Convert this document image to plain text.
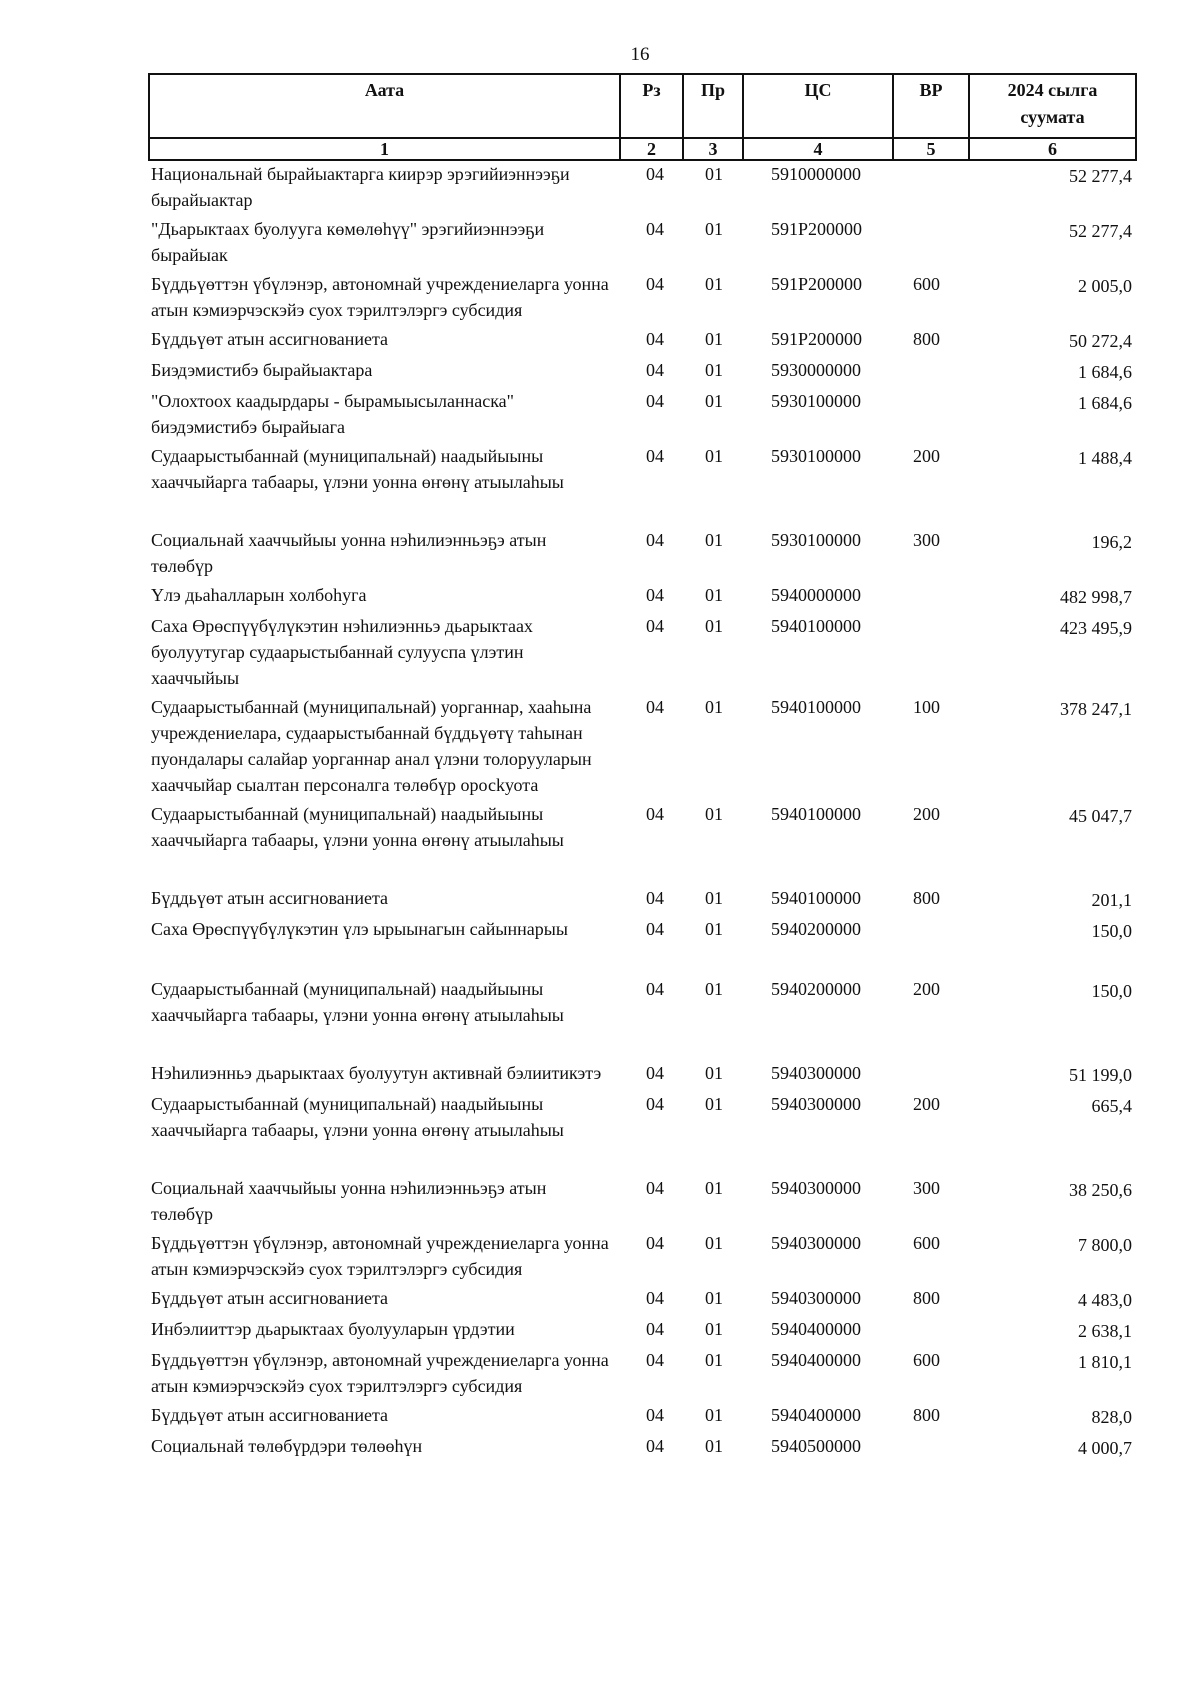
16
Аата	Рз	Пр	ЦС	ВР	2024 сылга
суумата
1	2	3	4	5	6
Национальнай бырайыактарга киирэр эрэгийиэннээҕи бырайыактар	04	01	5910000000		52 277,4
"Дьарыктаах буолууга көмөлөһүү" эрэгийиэннээҕи бырайыак	04	01	591P200000		52 277,4
Бүддьүөттэн үбүлэнэр, автономнай учреждениеларга уонна атын кэмиэрчэскэйэ суох тэрилтэлэргэ субсидия	04	01	591P200000	600	2 005,0
Бүддьүөт атын ассигнованиета	04	01	591P200000	800	50 272,4
Биэдэмистибэ бырайыактара	04	01	5930000000		1 684,6
"Олохтоох кaадырдары - бырамыысыланнаска" биэдэмистибэ бырайыага	04	01	5930100000		1 684,6
Судаарыстыбаннай (муниципальнай) наадыйыыны хааччыйарга табаары, үлэни уонна өҥөнү атыылаһыы	04	01	5930100000	200	1 488,4

Социальнай хааччыйыы уонна нэһилиэнньэҕэ атын төлөбүр	04	01	5930100000	300	196,2
Үлэ дьаһалларын холбоһуга	04	01	5940000000		482 998,7
Саха Өрөспүүбүлүкэтин нэһилиэнньэ дьарыктаах буолуутугар судаарыстыбаннай сулууспа үлэтин хааччыйыы	04	01	5940100000		423 495,9
Судаарыстыбаннай (муниципальнай) уорганнар, хааһына учреждениелара, судаарыстыбаннай бүддьүөтү таһынан пуондалары салайар уорганнар анал үлэни толорууларын хааччыйар сыалтан персоналга төлөбүр оросkуота	04	01	5940100000	100	378 247,1
Судаарыстыбаннай (муниципальнай) наадыйыыны хааччыйарга табаары, үлэни уонна өҥөнү атыылаһыы	04	01	5940100000	200	45 047,7

Бүддьүөт атын ассигнованиета	04	01	5940100000	800	201,1
Саха Өрөспүүбүлүкэтин үлэ ырыынагын сайыннарыы	04	01	5940200000		150,0

Судаарыстыбаннай (муниципальнай) наадыйыыны хааччыйарга табаары, үлэни уонна өҥөнү атыылаһыы	04	01	5940200000	200	150,0

Нэһилиэнньэ дьарыктаах буолуутун активнай бэлиитикэтэ	04	01	5940300000		51 199,0
Судаарыстыбаннай (муниципальнай) наадыйыыны хааччыйарга табаары, үлэни уонна өҥөнү атыылаһыы	04	01	5940300000	200	665,4

Социальнай хааччыйыы уонна нэһилиэнньэҕэ атын төлөбүр	04	01	5940300000	300	38 250,6
Бүддьүөттэн үбүлэнэр, автономнай учреждениеларга уонна атын кэмиэрчэскэйэ суох тэрилтэлэргэ субсидия	04	01	5940300000	600	7 800,0
Бүддьүөт атын ассигнованиета	04	01	5940300000	800	4 483,0
Инбэлииттэр дьарыктаах буолууларын үрдэтии	04	01	5940400000		2 638,1
Бүддьүөттэн үбүлэнэр, автономнай учреждениеларга уонна атын кэмиэрчэскэйэ суох тэрилтэлэргэ субсидия	04	01	5940400000	600	1 810,1
Бүддьүөт атын ассигнованиета	04	01	5940400000	800	828,0
Социальнай төлөбүрдэри төлөөһүн	04	01	5940500000		4 000,7
